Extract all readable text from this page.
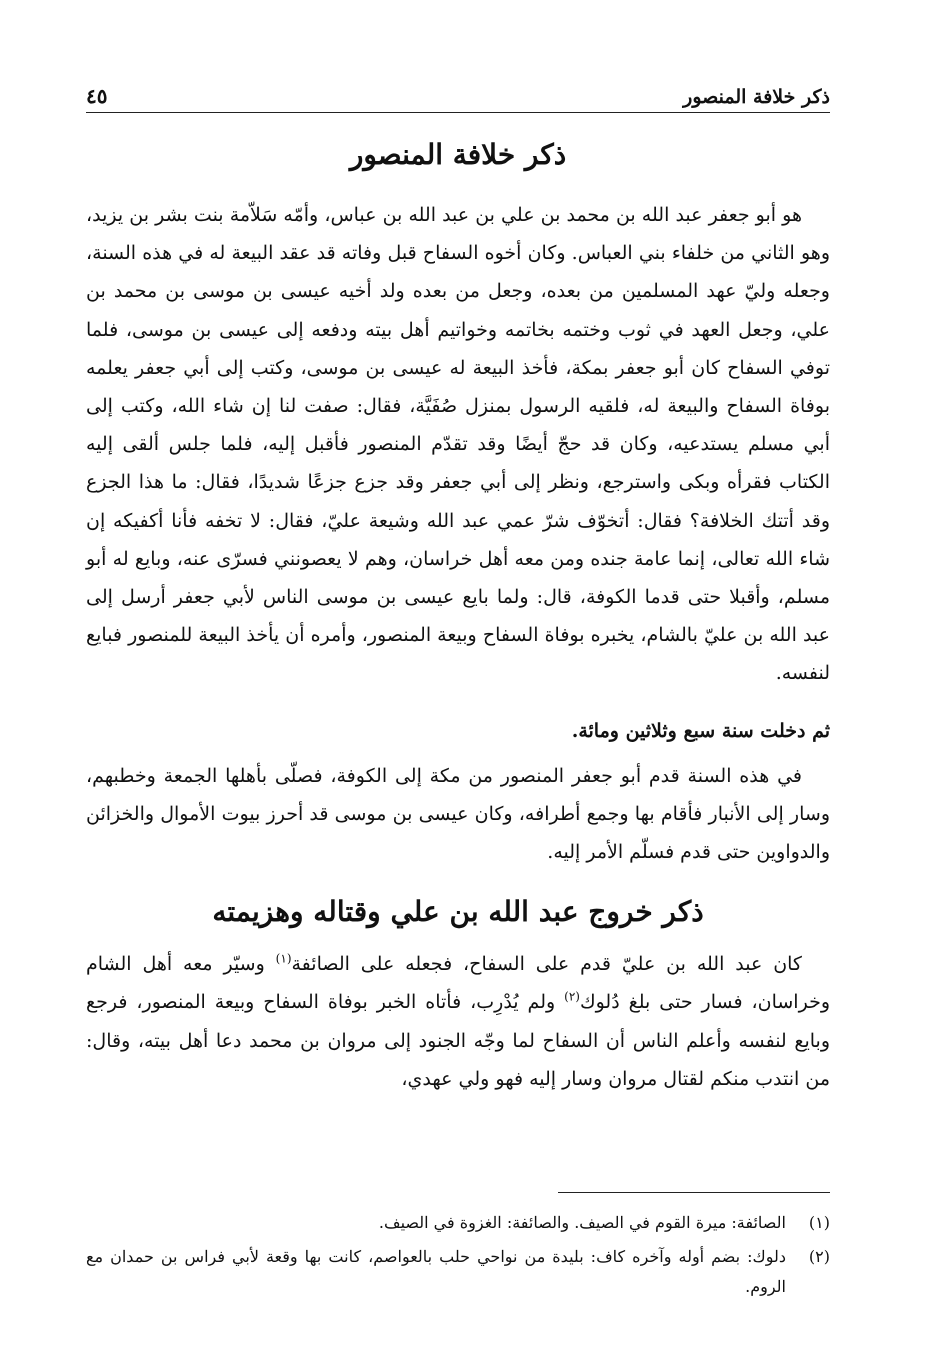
ذكر خلافة المنصور
٤٥
ذكر خلافة المنصور

هو أبو جعفر عبد الله بن محمد بن علي بن عبد الله بن عباس، وأمّه سَلاّمة بنت بشر بن يزيد، وهو الثاني من خلفاء بني العباس. وكان أخوه السفاح قبل وفاته قد عقد البيعة له في هذه السنة، وجعله وليّ عهد المسلمين من بعده، وجعل من بعده ولد أخيه عيسى بن موسى بن محمد بن علي، وجعل العهد في ثوب وختمه بخاتمه وخواتيم أهل بيته ودفعه إلى عيسى بن موسى، فلما توفي السفاح كان أبو جعفر بمكة، فأخذ البيعة له عيسى بن موسى، وكتب إلى أبي جعفر يعلمه بوفاة السفاح والبيعة له، فلقيه الرسول بمنزل صُفَيَّة، فقال: صفت لنا إن شاء الله، وكتب إلى أبي مسلم يستدعيه، وكان قد حجّ أيضًا وقد تقدّم المنصور فأقبل إليه، فلما جلس ألقى إليه الكتاب فقرأه وبكى واسترجع، ونظر إلى أبي جعفر وقد جزع جزعًا شديدًا، فقال: ما هذا الجزع وقد أتتك الخلافة؟ فقال: أتخوّف شرّ عمي عبد الله وشيعة عليّ، فقال: لا تخفه فأنا أكفيكه إن شاء الله تعالى، إنما عامة جنده ومن معه أهل خراسان، وهم لا يعصونني فسرّى عنه، وبايع له أبو مسلم، وأقبلا حتى قدما الكوفة، قال: ولما بايع عيسى بن موسى الناس لأبي جعفر أرسل إلى عبد الله بن عليّ بالشام، يخبره بوفاة السفاح وبيعة المنصور، وأمره أن يأخذ البيعة للمنصور فبايع لنفسه.

ثم دخلت سنة سبع وثلاثين ومائة.

في هذه السنة قدم أبو جعفر المنصور من مكة إلى الكوفة، فصلّى بأهلها الجمعة وخطبهم، وسار إلى الأنبار فأقام بها وجمع أطرافه، وكان عيسى بن موسى قد أحرز بيوت الأموال والخزائن والدواوين حتى قدم فسلّم الأمر إليه.

ذكر خروج عبد الله بن علي وقتاله وهزيمته

كان عبد الله بن عليّ قدم على السفاح، فجعله على الصائفة$^{(١)}$ وسيّر معه أهل الشام وخراسان، فسار حتى بلغ دُلوك$^{(٢)}$ ولم يُدْرِب، فأتاه الخبر بوفاة السفاح وبيعة المنصور، فرجع وبايع لنفسه وأعلم الناس أن السفاح لما وجّه الجنود إلى مروان بن محمد دعا أهل بيته، وقال: من انتدب منكم لقتال مروان وسار إليه فهو ولي عهدي،

(١)
الصائفة: ميرة القوم في الصيف. والصائفة: الغزوة في الصيف.
(٢)
دلوك: بضم أوله وآخره كاف: بليدة من نواحي حلب بالعواصم، كانت بها وقعة لأبي فراس بن حمدان مع الروم.
